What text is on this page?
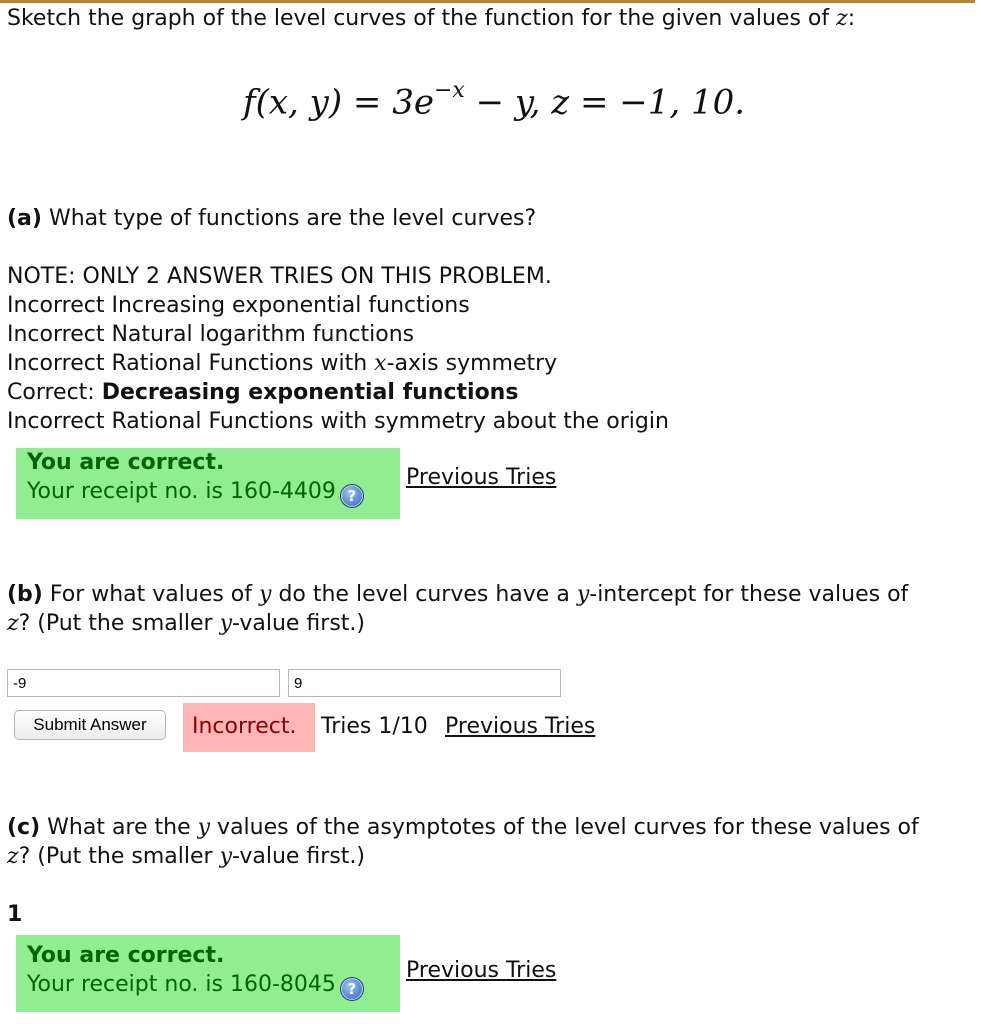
Sketch the graph of the level curves of the function for the given values of z:
f(x, $y) = 3e^{-x} - y$, z = −1, 10.
(a) What type of functions are the level curves?
NOTE: ONLY 2 ANSWER TRIES ON THIS PROBLEM.
Incorrect Increasing exponential functions
Incorrect Natural logarithm functions
Incorrect Rational Functions with x-axis symmetry
Correct: Decreasing exponential functions
Incorrect Rational Functions with symmetry about the origin
You are correct.
Your receipt no. is 160-4409 ?
Previous Tries
(b) For what values of y do the level curves have a y-intercept for these values of
z? (Put the smaller y-value first.)
-9	9
Submit Answer	Incorrect.	Tries 1/10 Previous Tries
(c) What are the y values of the asymptotes of the level curves for these values of
z? (Put the smaller y-value first.)
1
You are correct.
Your receipt no. is 160-8045 ?
Previous Tries
